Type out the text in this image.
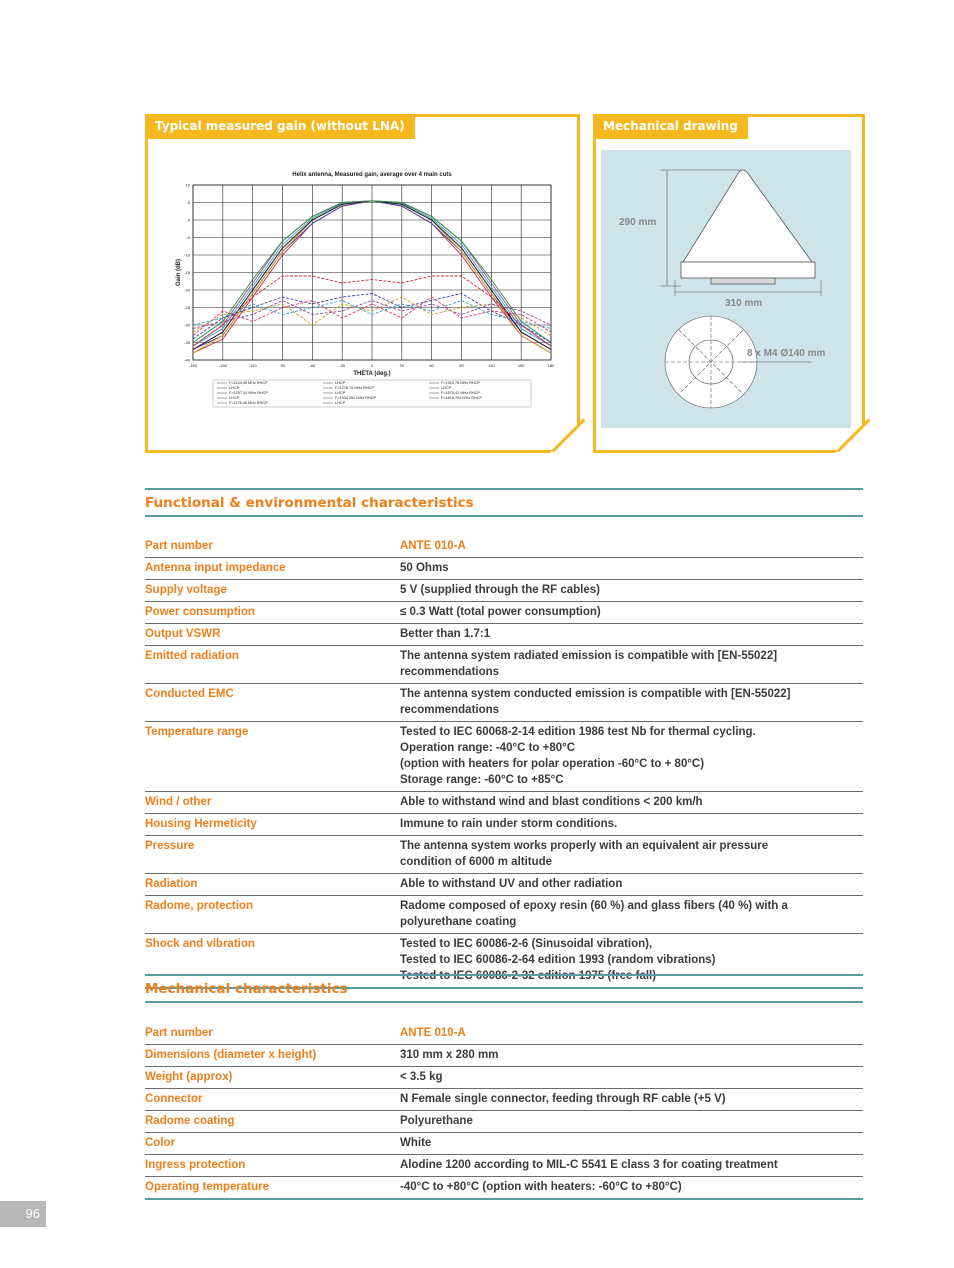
Typical measured gain (without LNA)
Helix antenna, Measured gain, average over 4 main cuts
-180	-150	-120	-90	-60	-30	0	30	60	90	120	150	180
10
5
0
-5
-10
-15
-20
-25
-30
-35
-40
THETA (deg.)
Gain (dB)
F=1144.45 MHz RHCP
LHCP
F=1207.14 MHz RHCP
LHCP
F=1176.45 MHz RHCP
LHCP
F=1278.75 MHz RHCP
LHCP
F=1534.952 MHz RHCP
LHCP
F=1310.75 MHz RHCP
LHCP
F=1575.42 MHz RHCP
F=1616.700 MHz RHCP
Mechanical drawing
290 mm
310 mm
8 x M4 Ø140 mm
Functional & environmental characteristics
Part number	ANTE 010-A
Antenna input impedance	50 Ohms
Supply voltage	5 V (supplied through the RF cables)
Power consumption	≤ 0.3 Watt (total power consumption)
Output VSWR	Better than 1.7:1
Emitted radiation	The antenna system radiated emission is compatible with [EN-55022] recommendations
Conducted EMC	The antenna system conducted emission is compatible with [EN-55022] recommendations
Temperature range	Tested to IEC 60068-2-14 edition 1986 test Nb for thermal cycling.
Operation range: -40°C to +80°C
(option with heaters for polar operation -60°C to + 80°C)
Storage range: -60°C to +85°C
Wind / other	Able to withstand wind and blast conditions < 200 km/h
Housing Hermeticity	Immune to rain under storm conditions.
Pressure	The antenna system works properly with an equivalent air pressure
condition of 6000 m altitude
Radiation	Able to withstand UV and other radiation
Radome, protection	Radome composed of epoxy resin (60 %) and glass fibers (40 %) with a polyurethane coating
Shock and vibration	Tested to IEC 60086-2-6 (Sinusoidal vibration),
Tested to IEC 60086-2-64 edition 1993 (random vibrations)
Tested to IEC 60086-2-32 edition 1975 (free fall)
Mechanical characteristics
Part number	ANTE 010-A
Dimensions (diameter x height)	310 mm x 280 mm
Weight (approx)	< 3.5 kg
Connector	N Female single connector, feeding through RF cable (+5 V)
Radome coating	Polyurethane
Color	White
Ingress protection	Alodine 1200 according to MIL-C 5541 E class 3 for coating treatment
Operating temperature	-40°C to +80°C (option with heaters: -60°C to +80°C)
96
